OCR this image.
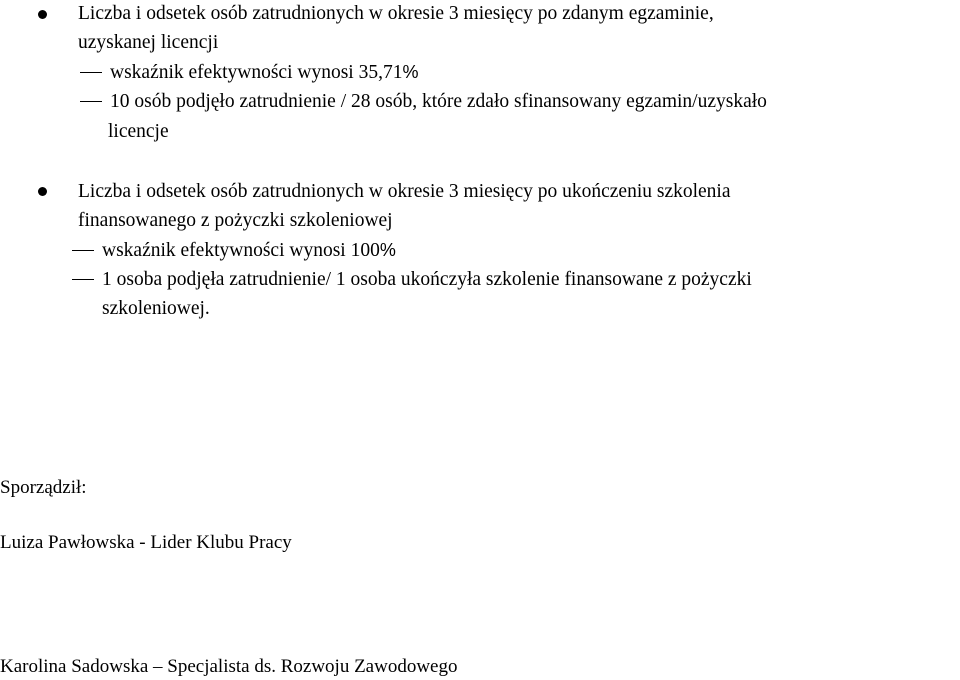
Liczba i odsetek osób zatrudnionych w okresie 3 miesięcy po zdanym egzaminie,
uzyskanej licencji
wskaźnik efektywności wynosi 35,71%
10 osób podjęło zatrudnienie / 28 osób, które zdało sfinansowany egzamin/uzyskało
licencje
Liczba i odsetek osób zatrudnionych w okresie 3 miesięcy po ukończeniu szkolenia
finansowanego z pożyczki szkoleniowej
wskaźnik efektywności wynosi 100%
1 osoba podjęła zatrudnienie/ 1 osoba ukończyła szkolenie finansowane z pożyczki
szkoleniowej.
Sporządził:
Luiza Pawłowska - Lider Klubu Pracy
Karolina Sadowska – Specjalista ds. Rozwoju Zawodowego
